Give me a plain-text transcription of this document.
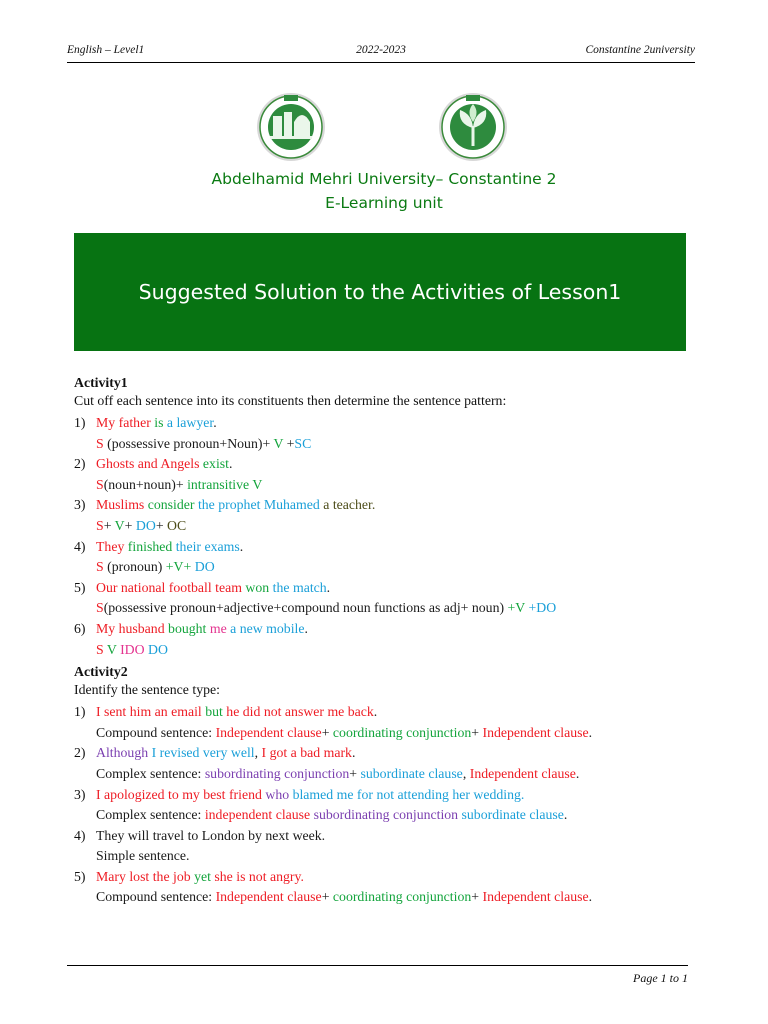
English – Level1	2022-2023	Constantine 2university
Abdelhamid Mehri University– Constantine 2
E-Learning unit
Suggested Solution to the Activities of Lesson1
Activity1
Cut off each sentence into its constituents then determine the sentence pattern:
1) My father is a lawyer.
S (possessive pronoun+Noun)+ V +SC
2) Ghosts and Angels exist.
S(noun+noun)+ intransitive V
3) Muslims consider the prophet Muhamed a teacher.
S+ V+ DO+ OC
4) They finished their exams.
S (pronoun) +V+ DO
5) Our national football team won the match.
S(possessive pronoun+adjective+compound noun functions as adj+ noun) +V +DO
6) My husband bought me a new mobile.
S V IDO DO
Activity2
Identify the sentence type:
1) I sent him an email but he did not answer me back.
Compound sentence: Independent clause+ coordinating conjunction+ Independent clause.
2) Although I revised very well, I got a bad mark.
Complex sentence: subordinating conjunction+ subordinate clause, Independent clause.
3) I apologized to my best friend who blamed me for not attending her wedding.
Complex sentence: independent clause subordinating conjunction subordinate clause.
4) They will travel to London by next week.
Simple sentence.
5) Mary lost the job yet she is not angry.
Compound sentence: Independent clause+ coordinating conjunction+ Independent clause.
Page 1 to 1
